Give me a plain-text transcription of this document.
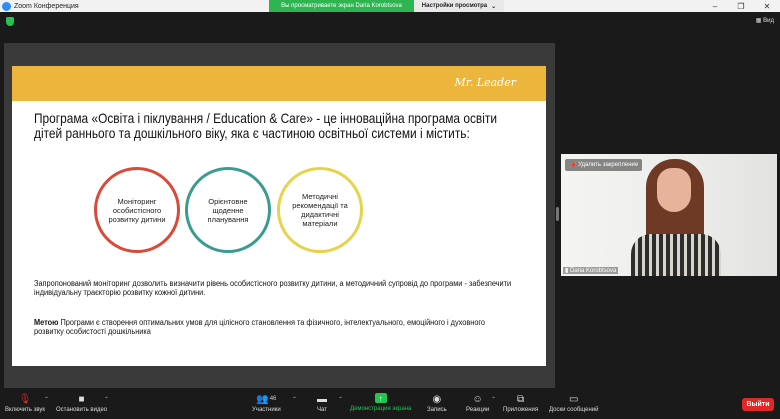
Zoom Конференция	Вы просматриваете экран Daria Korobtsova	Настройки просмотра ⌄	–	❐	✕
▦ Вид
Mr. Leader
Програма «Освіта і піклування / Education & Care» - це інноваційна програма освіти дітей раннього та дошкільного віку, яка є частиною освітньої системи і містить:
Моніторинг особистісного розвитку дитини
Орієнтовне щоденне планування
Методичні рекомендації та дидактичні матеріали
Запропонований моніторинг дозволить визначити рівень особистісного розвитку дитини, а методичний супровід до програми - забезпечити індивідуальну траєкторію розвитку кожної дитини.
Метою Програми є створення оптимальних умов для цілісного становлення та фізичного, інтелектуального, емоційного і духовного розвитку особистості дошкільника
📌 Удалить закрепление
▮ Daria Korobtsova
🎙
Включить звук
⌃	■
Остановить видео
⌃	👥 46
Участники
⌃ ▬
Чат
⌃	↑
Демонстрация экрана
◉
Запись
☺
Реакции
⌃ ⧉
Приложения
▭
Доски сообщений
Выйти
